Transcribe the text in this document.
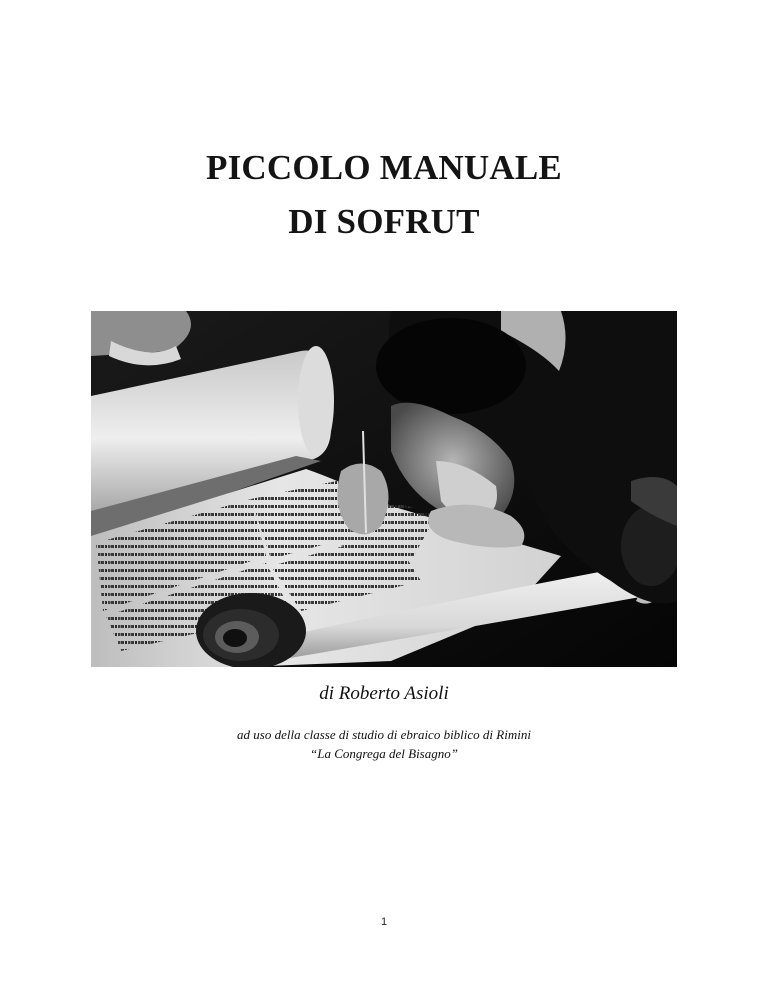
PICCOLO MANUALE
DI SOFRUT
di Roberto Asioli
ad uso della classe di studio di ebraico biblico di Rimini
“La Congrega del Bisagno”
1
